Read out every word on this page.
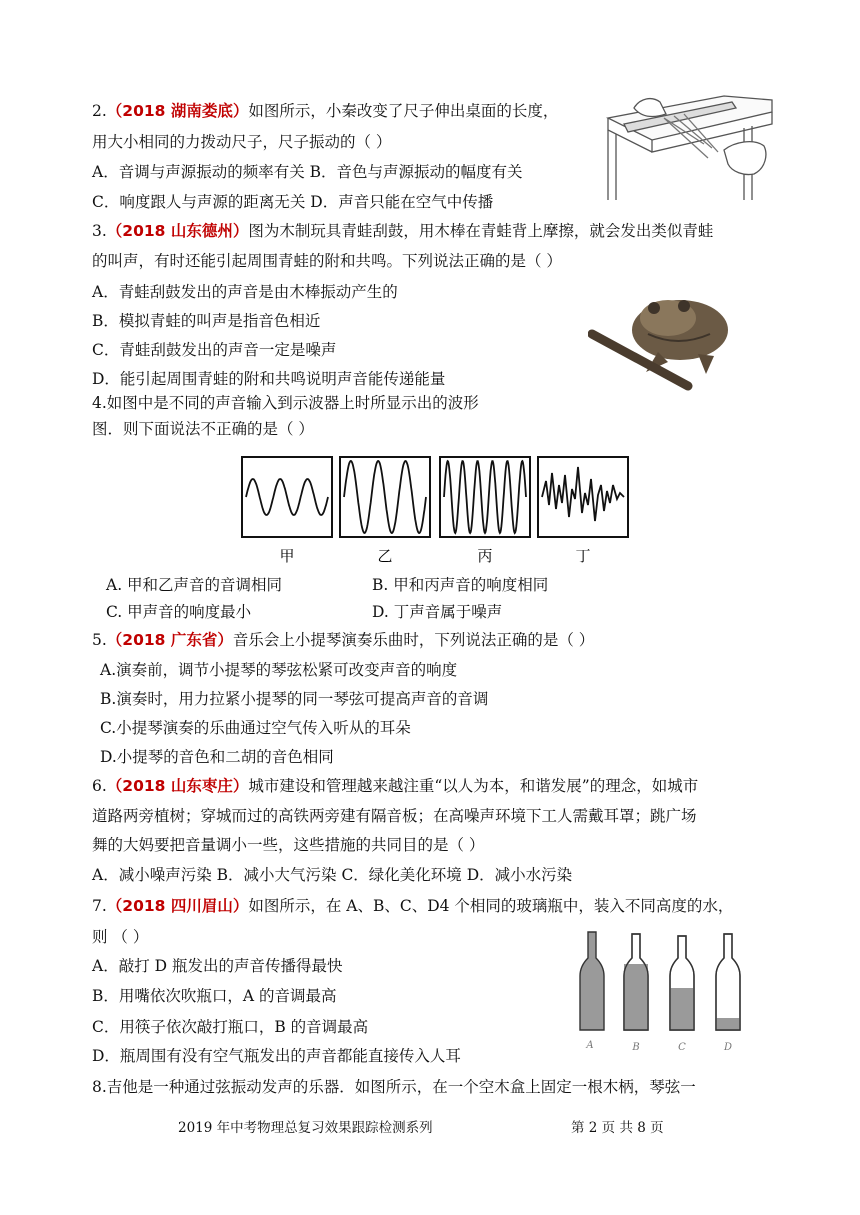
2.（2018 湖南娄底）如图所示，小秦改变了尺子伸出桌面的长度，
用大小相同的力拨动尺子，尺子振动的（ ）
A．音调与声源振动的频率有关 B．音色与声源振动的幅度有关
C．响度跟人与声源的距离无关 D．声音只能在空气中传播
3.（2018 山东德州）图为木制玩具青蛙刮鼓，用木棒在青蛙背上摩擦，就会发出类似青蛙
的叫声，有时还能引起周围青蛙的附和共鸣。下列说法正确的是（ ）
A．青蛙刮鼓发出的声音是由木棒振动产生的
B．模拟青蛙的叫声是指音色相近
C．青蛙刮鼓发出的声音一定是噪声
D．能引起周围青蛙的附和共鸣说明声音能传递能量
4.如图中是不同的声音输入到示波器上时所显示出的波形
图．则下面说法不正确的是（ ）
甲	乙	丙	丁
A. 甲和乙声音的音调相同	B. 甲和丙声音的响度相同
C. 甲声音的响度最小	D. 丁声音属于噪声
5.（2018 广东省）音乐会上小提琴演奏乐曲时，下列说法正确的是（ ）
A.演奏前，调节小提琴的琴弦松紧可改变声音的响度
B.演奏时，用力拉紧小提琴的同一琴弦可提高声音的音调
C.小提琴演奏的乐曲通过空气传入听从的耳朵
D.小提琴的音色和二胡的音色相同
6.（2018 山东枣庄）城市建设和管理越来越注重“以人为本，和谐发展”的理念，如城市
道路两旁植树；穿城而过的高铁两旁建有隔音板；在高噪声环境下工人需戴耳罩；跳广场
舞的大妈要把音量调小一些，这些措施的共同目的是（ ）
A．减小噪声污染 B．减小大气污染 C．绿化美化环境 D．减小水污染
7.（2018 四川眉山）如图所示，在 A、B、C、D4 个相同的玻璃瓶中，装入不同高度的水，
则 （ ）
A．敲打 D 瓶发出的声音传播得最快
B．用嘴依次吹瓶口，A 的音调最高
C．用筷子依次敲打瓶口，B 的音调最高
D．瓶周围有没有空气瓶发出的声音都能直接传入人耳
A	B	C	D
8.吉他是一种通过弦振动发声的乐器．如图所示，在一个空木盒上固定一根木柄，琴弦一
2019 年中考物理总复习效果跟踪检测系列	第 2 页 共 8 页
